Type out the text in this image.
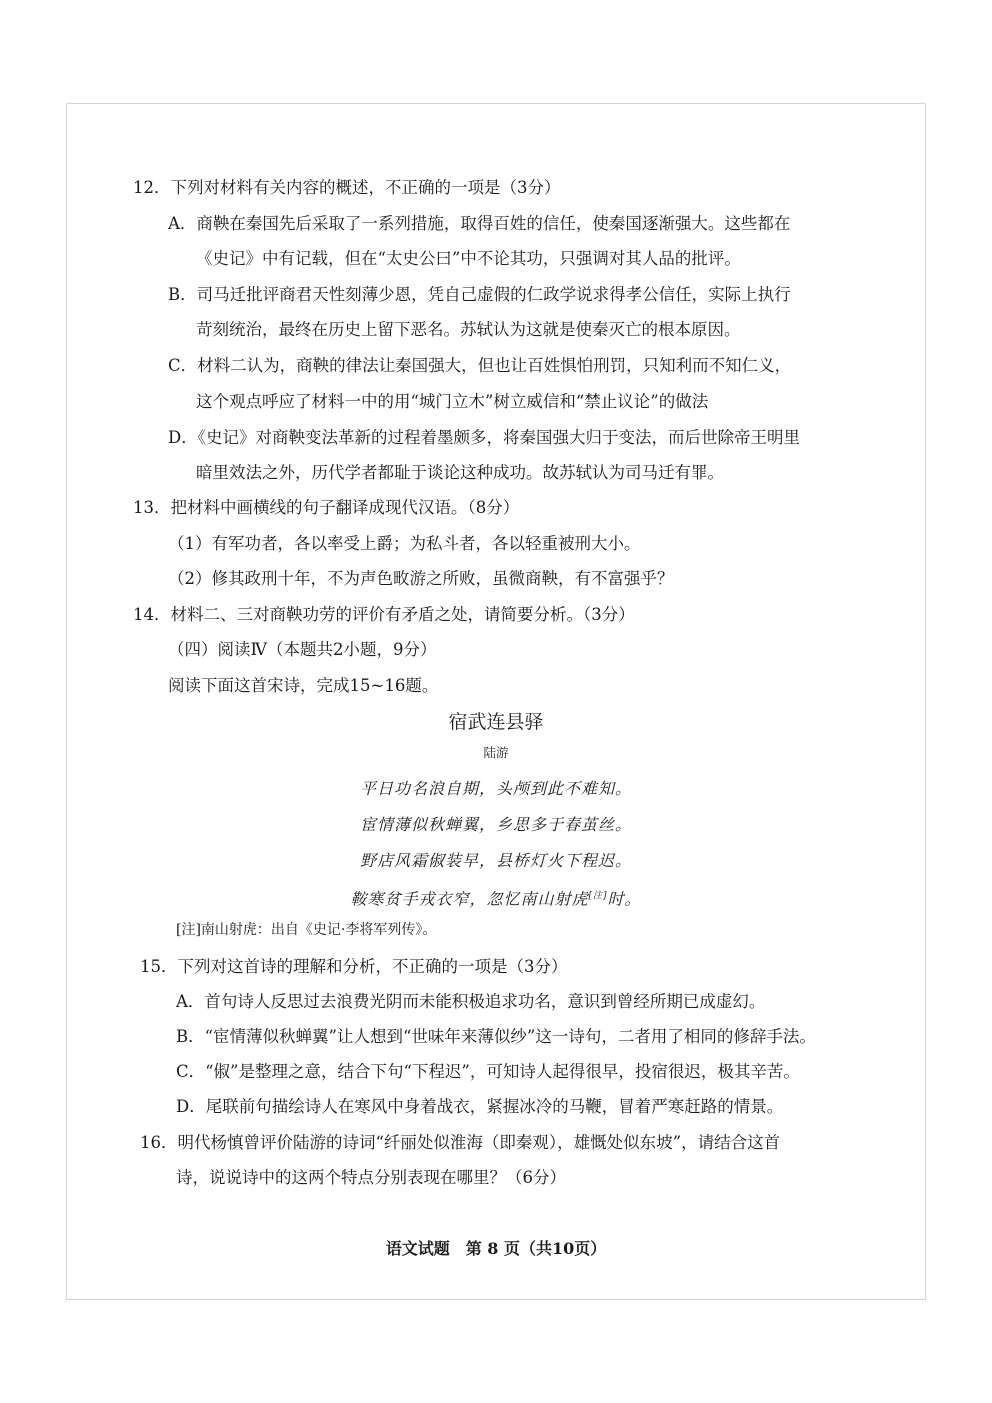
12．下列对材料有关内容的概述，不正确的一项是（3分）
A．商鞅在秦国先后采取了一系列措施，取得百姓的信任，使秦国逐渐强大。这些都在
《史记》中有记载，但在“太史公曰”中不论其功，只强调对其人品的批评。
B．司马迁批评商君天性刻薄少恩，凭自己虚假的仁政学说求得孝公信任，实际上执行
苛刻统治，最终在历史上留下恶名。苏轼认为这就是使秦灭亡的根本原因。
C．材料二认为，商鞅的律法让秦国强大，但也让百姓惧怕刑罚，只知利而不知仁义，
这个观点呼应了材料一中的用“城门立木”树立威信和“禁止议论”的做法
D．《史记》对商鞅变法革新的过程着墨颇多，将秦国强大归于变法，而后世除帝王明里
暗里效法之外，历代学者都耻于谈论这种成功。故苏轼认为司马迁有罪。
13．把材料中画横线的句子翻译成现代汉语。（8分）
（1）有军功者，各以率受上爵；为私斗者，各以轻重被刑大小。
（2）修其政刑十年，不为声色畋游之所败，虽微商鞅，有不富强乎？
14．材料二、三对商鞅功劳的评价有矛盾之处，请简要分析。（3分）
（四）阅读Ⅳ（本题共2小题，9分）
阅读下面这首宋诗，完成15~16题。
宿武连县驿
陆游
平日功名浪自期，头颅到此不难知。
宦情薄似秋蝉翼，乡思多于春茧丝。
野店风霜俶装早，县桥灯火下程迟。
鞍寒贫手戎衣窄，忽忆南山射虎[注]时。
[注]南山射虎：出自《史记·李将军列传》。
15．下列对这首诗的理解和分析，不正确的一项是（3分）
A．首句诗人反思过去浪费光阴而未能积极追求功名，意识到曾经所期已成虚幻。
B．“宦情薄似秋蝉翼”让人想到“世味年来薄似纱”这一诗句，二者用了相同的修辞手法。
C．“俶”是整理之意，结合下句“下程迟”，可知诗人起得很早，投宿很迟，极其辛苦。
D．尾联前句描绘诗人在寒风中身着战衣，紧握冰冷的马鞭，冒着严寒赶路的情景。
16．明代杨慎曾评价陆游的诗词“纤丽处似淮海（即秦观），雄慨处似东坡”，请结合这首
诗，说说诗中的这两个特点分别表现在哪里？（6分）
语文试题　第 8 页（共10页）
